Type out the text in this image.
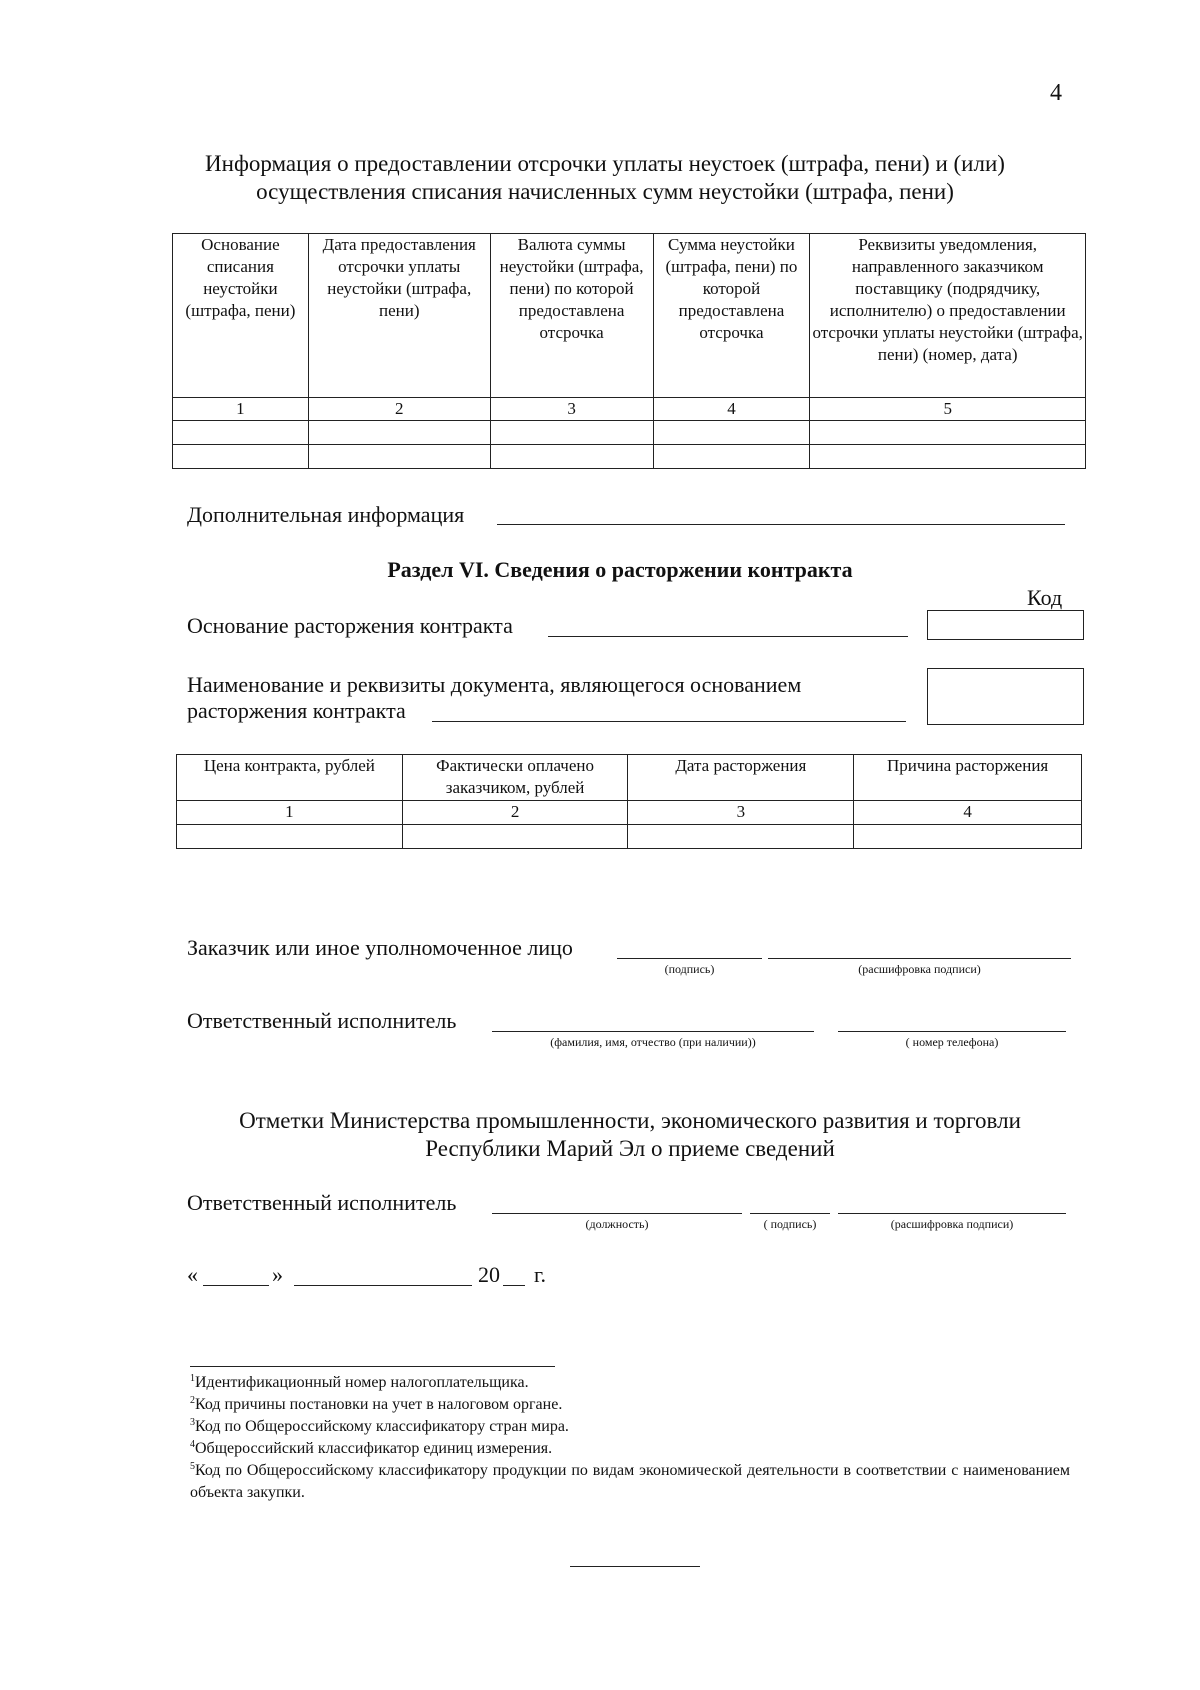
4
Информация о предоставлении отсрочки уплаты неустоек (штрафа, пени) и (или)
осуществления списания начисленных сумм неустойки (штрафа, пени)
Основание списания неустойки (штрафа, пени)	Дата предоставления отсрочки уплаты неустойки (штрафа, пени)	Валюта суммы неустойки (штрафа, пени) по которой предоставлена отсрочка	Сумма неустойки (штрафа, пени) по которой предоставлена отсрочка	Реквизиты уведомления, направленного заказчиком поставщику (подрядчику, исполнителю) о предоставлении отсрочки уплаты неустойки (штрафа, пени) (номер, дата)
1	2	3	4	5

Дополнительная информация
Раздел VI. Сведения о расторжении контракта
Код
Основание расторжения контракта
Наименование и реквизиты документа, являющегося основанием
расторжения контракта
Цена контракта, рублей	Фактически оплачено заказчиком, рублей	Дата расторжения	Причина расторжения
1	2	3	4

Заказчик или иное уполномоченное лицо
(подпись)	(расшифровка подписи)
Ответственный исполнитель
(фамилия, имя, отчество (при наличии))	( номер телефона)
Отметки Министерства промышленности, экономического развития и торговли
Республики Марий Эл о приеме сведений
Ответственный исполнитель
(должность)	( подпись)	(расшифровка подписи)
«	»	20 г.
$^1$Идентификационный номер налогоплательщика.
$^2$Код причины постановки на учет в налоговом органе.
$^3$Код по Общероссийскому классификатору стран мира.
$^4$Общероссийский классификатор единиц измерения.
$^5$Код по Общероссийскому классификатору продукции по видам экономической деятельности в соответствии с наименованием объекта закупки.
